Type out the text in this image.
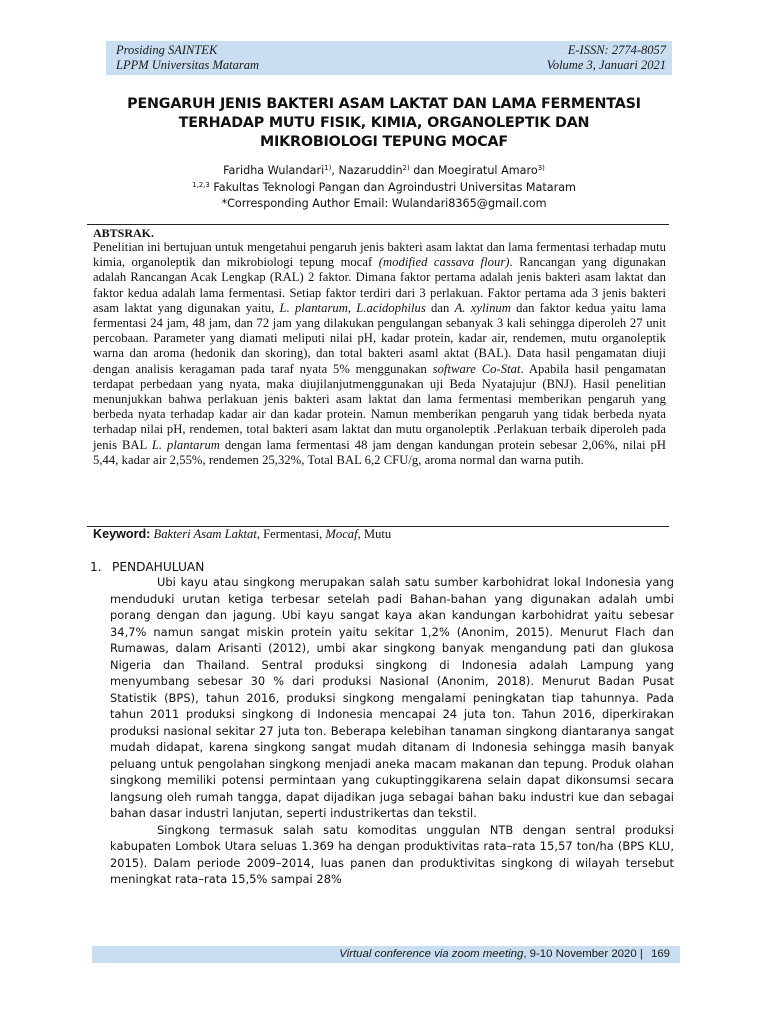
Prosiding SAINTEK
LPPM Universitas Mataram
E-ISSN: 2774-8057
Volume 3, Januari 2021
PENGARUH JENIS BAKTERI ASAM LAKTAT DAN LAMA FERMENTASI
TERHADAP MUTU FISIK, KIMIA, ORGANOLEPTIK DAN
MIKROBIOLOGI TEPUNG MOCAF
Faridha Wulandari$^{1)}$, Nazaruddin$^{2)}$ dan Moegiratul Amaro$^{3)}$
$^{1,2,3}$ Fakultas Teknologi Pangan dan Agroindustri Universitas Mataram
*Corresponding Author Email: Wulandari8365@gmail.com
ABTSRAK.
Penelitian ini bertujuan untuk mengetahui pengaruh jenis bakteri asam laktat dan lama fermentasi terhadap mutu kimia, organoleptik dan mikrobiologi tepung mocaf (modified cassava flour). Rancangan yang digunakan adalah Rancangan Acak Lengkap (RAL) 2 faktor. Dimana faktor pertama adalah jenis bakteri asam laktat dan faktor kedua adalah lama fermentasi. Setiap faktor terdiri dari 3 perlakuan. Faktor pertama ada 3 jenis bakteri asam laktat yang digunakan yaitu, L. plantarum, L.acidophilus dan A. xylinum dan faktor kedua yaitu lama fermentasi 24 jam, 48 jam, dan 72 jam yang dilakukan pengulangan sebanyak 3 kali sehingga diperoleh 27 unit percobaan. Parameter yang diamati meliputi nilai pH, kadar protein, kadar air, rendemen, mutu organoleptik warna dan aroma (hedonik dan skoring), dan total bakteri asaml aktat (BAL). Data hasil pengamatan diuji dengan analisis keragaman pada taraf nyata 5% menggunakan software Co-Stat. Apabila hasil pengamatan terdapat perbedaan yang nyata, maka diujilanjutmenggunakan uji Beda Nyatajujur (BNJ). Hasil penelitian menunjukkan bahwa perlakuan jenis bakteri asam laktat dan lama fermentasi memberikan pengaruh yang berbeda nyata terhadap kadar air dan kadar protein. Namun memberikan pengaruh yang tidak berbeda nyata terhadap nilai pH, rendemen, total bakteri asam laktat dan mutu organoleptik .Perlakuan terbaik diperoleh pada jenis BAL L. plantarum dengan lama fermentasi 48 jam dengan kandungan protein sebesar 2,06%, nilai pH 5,44, kadar air 2,55%, rendemen 25,32%, Total BAL 6,2 CFU/g, aroma normal dan warna putih.
Keyword: Bakteri Asam Laktat, Fermentasi, Mocaf, Mutu
1. PENDAHULUAN

Ubi kayu atau singkong merupakan salah satu sumber karbohidrat lokal Indonesia yang menduduki urutan ketiga terbesar setelah padi Bahan-bahan yang digunakan adalah umbi porang dengan dan jagung. Ubi kayu sangat kaya akan kandungan karbohidrat yaitu sebesar 34,7% namun sangat miskin protein yaitu sekitar 1,2% (Anonim, 2015). Menurut Flach dan Rumawas, dalam Arisanti (2012), umbi akar singkong banyak mengandung pati dan glukosa Nigeria dan Thailand. Sentral produksi singkong di Indonesia adalah Lampung yang menyumbang sebesar 30 % dari produksi Nasional (Anonim, 2018). Menurut Badan Pusat Statistik (BPS), tahun 2016, produksi singkong mengalami peningkatan tiap tahunnya. Pada tahun 2011 produksi singkong di Indonesia mencapai 24 juta ton. Tahun 2016, diperkirakan produksi nasional sekitar 27 juta ton. Beberapa kelebihan tanaman singkong diantaranya sangat mudah didapat, karena singkong sangat mudah ditanam di Indonesia sehingga masih banyak peluang untuk pengolahan singkong menjadi aneka macam makanan dan tepung. Produk olahan singkong memiliki potensi permintaan yang cukuptinggikarena selain dapat dikonsumsi secara langsung oleh rumah tangga, dapat dijadikan juga sebagai bahan baku industri kue dan sebagai bahan dasar industri lanjutan, seperti industrikertas dan tekstil.

Singkong termasuk salah satu komoditas unggulan NTB dengan sentral produksi kabupaten Lombok Utara seluas 1.369 ha dengan produktivitas rata–rata 15,57 ton/ha (BPS KLU, 2015). Dalam periode 2009–2014, luas panen dan produktivitas singkong di wilayah tersebut meningkat rata–rata 15,5% sampai 28%

Virtual conference via zoom meeting, 9-10 November 2020 | 169
